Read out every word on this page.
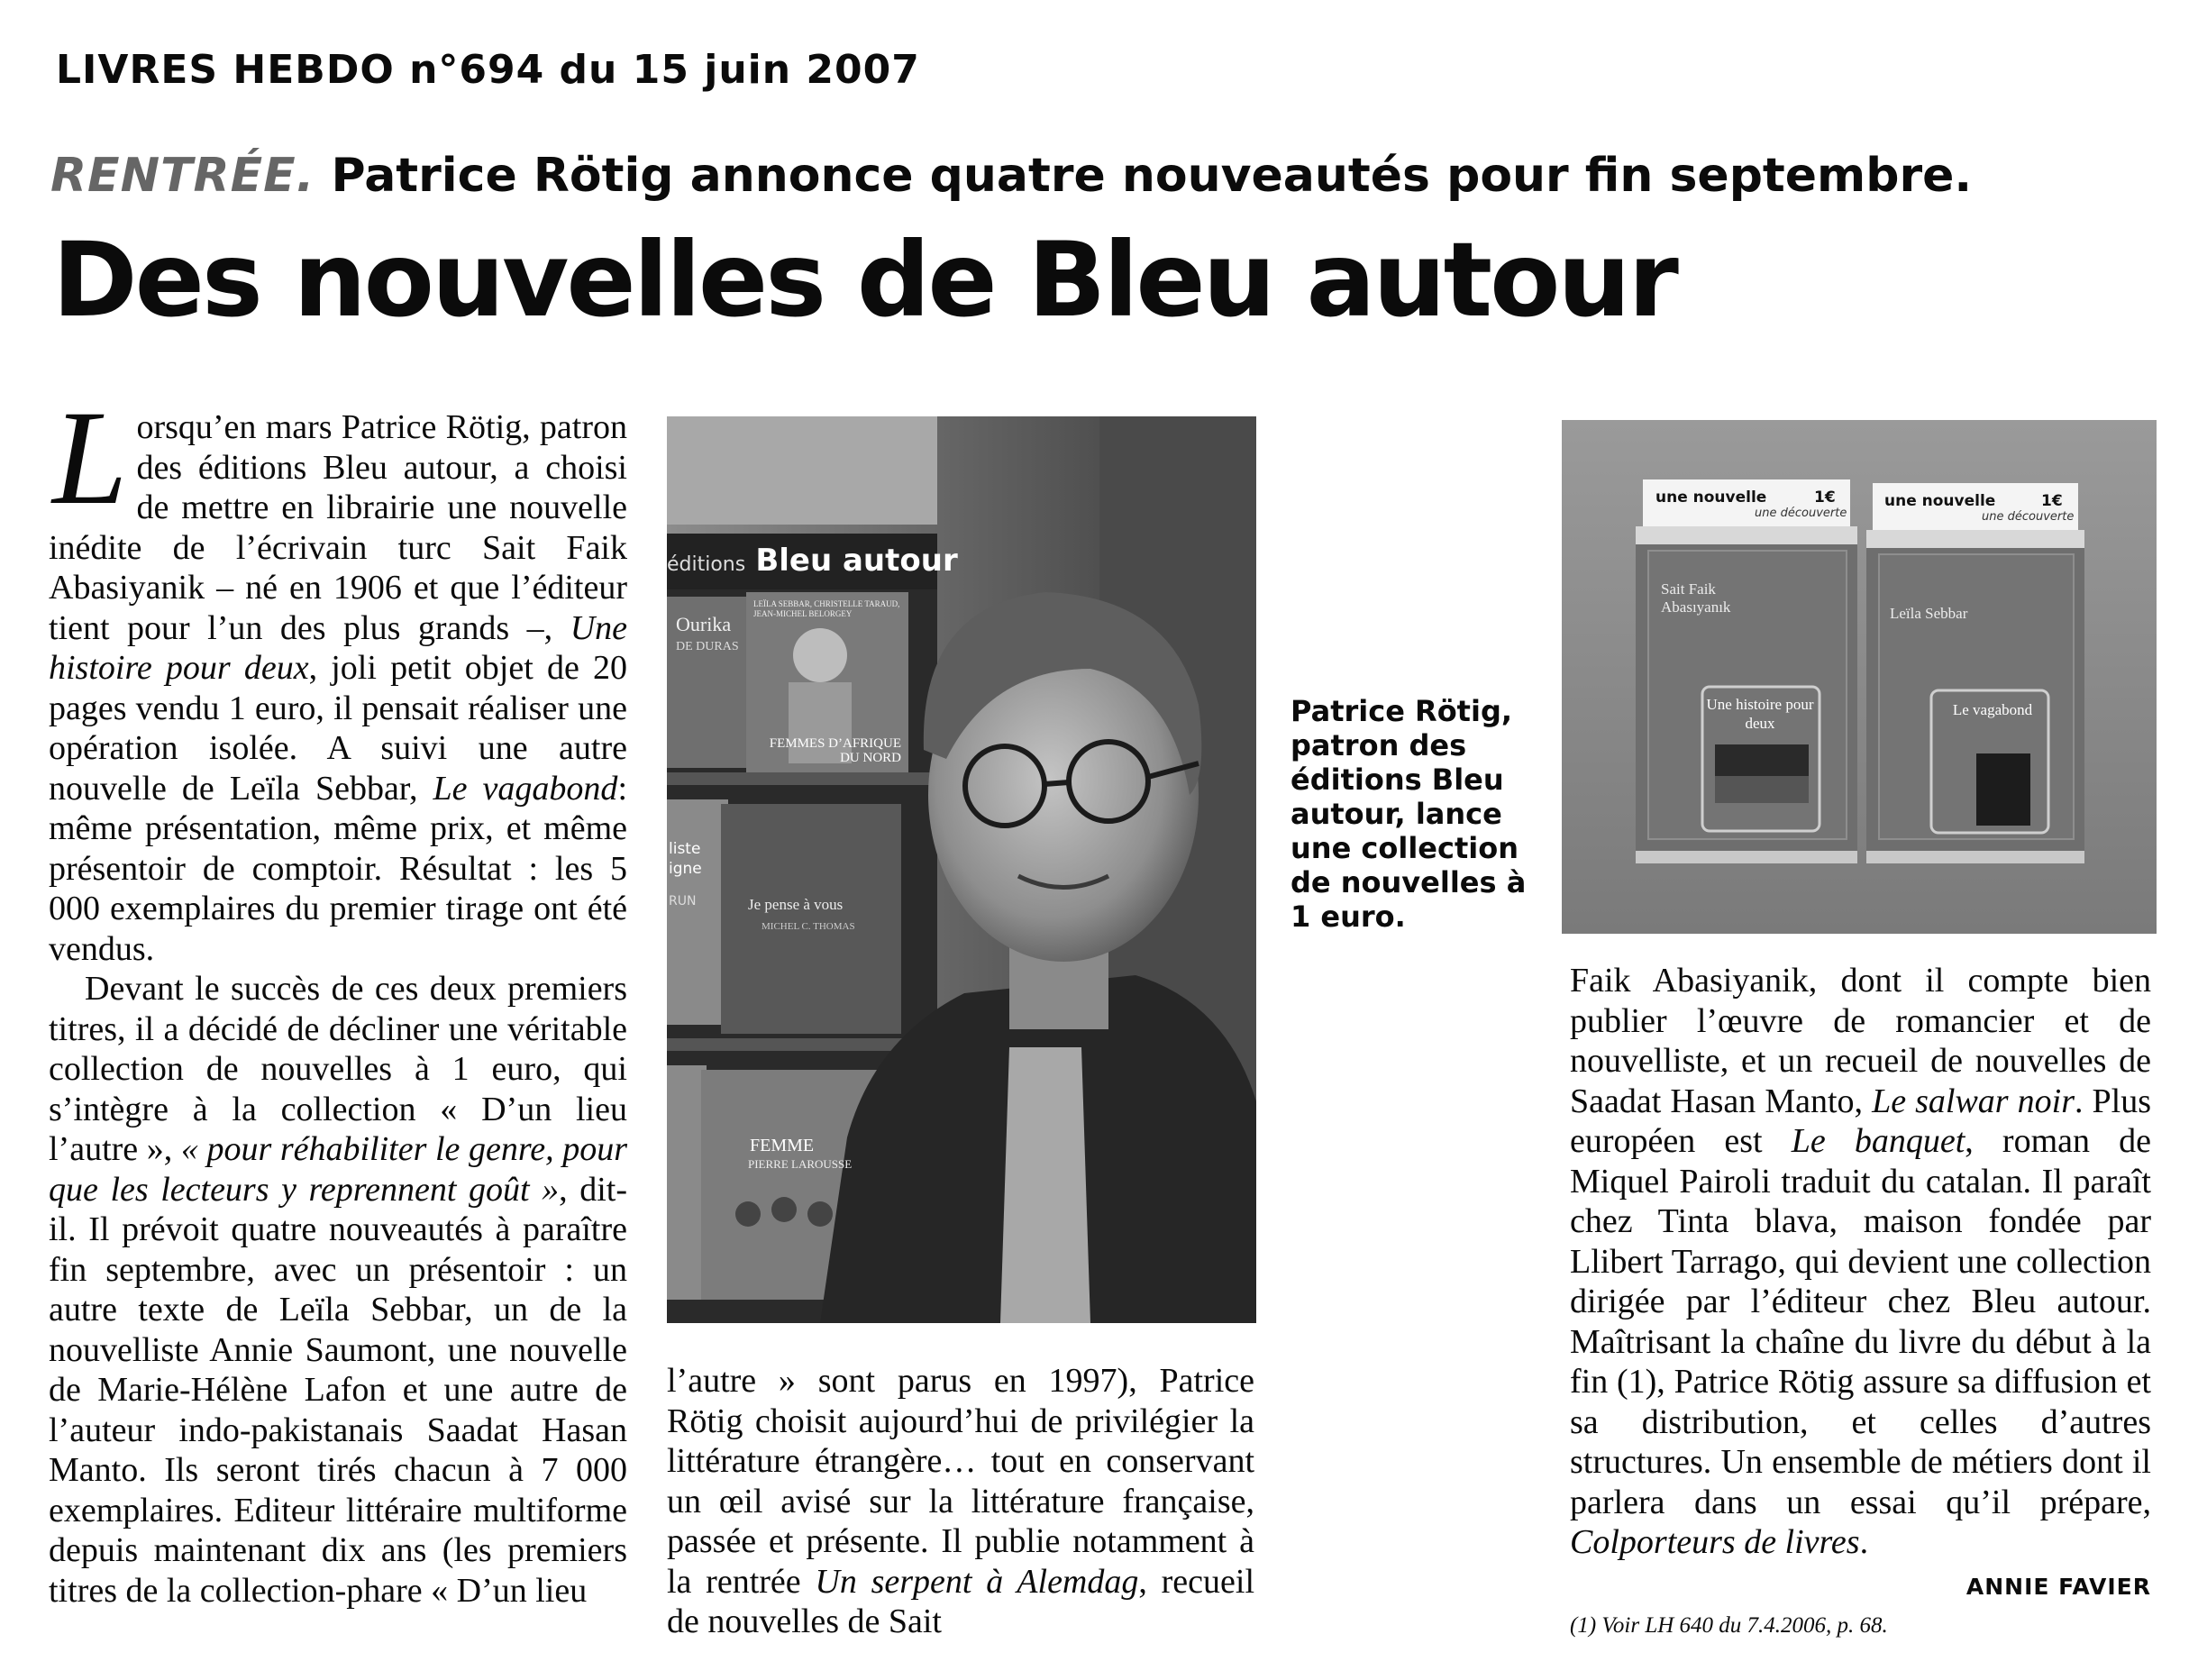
LIVRES HEBDO n°694 du 15 juin 2007
RENTRÉE. Patrice Rötig annonce quatre nouveautés pour fin septembre.
Des nouvelles de Bleu autour

Lorsqu’en mars Patrice Rötig, patron des éditions Bleu autour, a choisi de mettre en librairie une nouvelle inédite de l’écrivain turc Sait Faik Abasiyanik – né en 1906 et que l’éditeur tient pour l’un des plus grands –, Une histoire pour deux, joli petit objet de 20 pages vendu 1 euro, il pensait réaliser une opération isolée. A suivi une autre nouvelle de Leïla Sebbar, Le vagabond: même présentation, même prix, et même présentoir de comptoir. Résultat : les 5 000 exemplaires du premier tirage ont été vendus.

Devant le succès de ces deux premiers titres, il a décidé de décliner une véritable collection de nouvelles à 1 euro, qui s’intègre à la collection « D’un lieu l’autre », « pour réhabiliter le genre, pour que les lecteurs y reprennent goût », dit-il. Il prévoit quatre nouveautés à paraître fin septembre, avec un présentoir : un autre texte de Leïla Sebbar, un de la nouvelliste Annie Saumont, une nouvelle de Marie-Hélène Lafon et une autre de l’auteur indo-pakistanais Saadat Hasan Manto. Ils seront tirés chacun à 7 000 exemplaires. Editeur littéraire multiforme depuis maintenant dix ans (les premiers titres de la collection-phare « D’un lieu

éditions Bleu autour
Ourika
DE DURAS
LEÏLA SEBBAR, CHRISTELLE TARAUD, JEAN-MICHEL BELORGEY
FEMMES D’AFRIQUE DU NORD
liste
igne
RUN	Je pense à vous
MICHEL C. THOMAS
FEMME
PIERRE LAROUSSE
Patrice Rötig, patron des éditions Bleu autour, lance une collection de nouvelles à 1 euro.
une nouvelle	1€
une découverte
Sait Faik Abasıyanık
Une histoire pour deux
une nouvelle	1€
une découverte
Leïla Sebbar
Le vagabond

l’autre » sont parus en 1997), Patrice Rötig choisit aujourd’hui de privilégier la littérature étrangère… tout en conservant un œil avisé sur la littérature française, passée et présente. Il publie notamment à la rentrée Un serpent à Alemdag, recueil de nouvelles de Sait

Faik Abasiyanik, dont il compte bien publier l’œuvre de romancier et de nouvelliste, et un recueil de nouvelles de Saadat Hasan Manto, Le salwar noir. Plus européen est Le banquet, roman de Miquel Pairoli traduit du catalan. Il paraît chez Tinta blava, maison fondée par Llibert Tarrago, qui devient une collection dirigée par l’éditeur chez Bleu autour. Maîtrisant la chaîne du livre du début à la fin (1), Patrice Rötig assure sa diffusion et sa distribution, et celles d’autres structures. Un ensemble de métiers dont il parlera dans un essai qu’il prépare, Colporteurs de livres.

ANNIE FAVIER
(1) Voir LH 640 du 7.4.2006, p. 68.
